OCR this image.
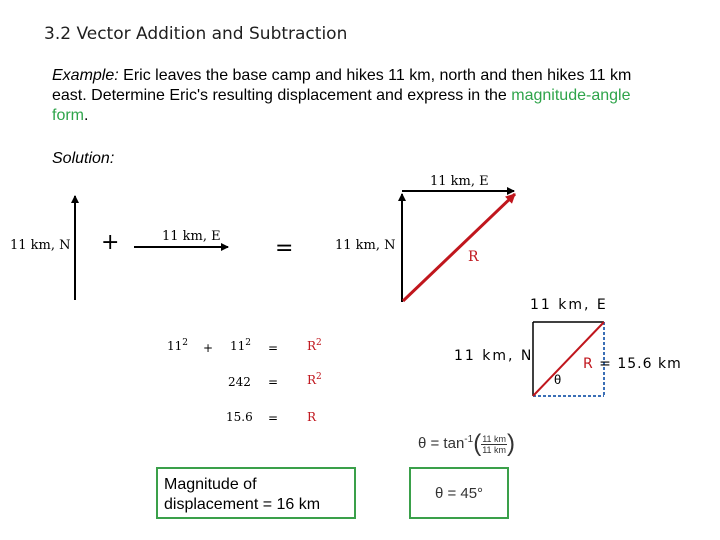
3.2 Vector Addition and Subtraction
Example: Eric leaves the base camp and hikes 11 km, north and then hikes 11 km east. Determine Eric's resulting displacement and express in the magnitude-angle form.
Solution:
11 km, N +	11 km, E =
11 km, E
11 km, N
R
$11^2 + 11^2 = R^2$
$242 = R^2$
15.6 = R
11 km, E
11 km, N	R = 15.6 km
θ
$\theta = \tan^{-1}( \frac{11 km}{11 km}$ )
Magnitude of displacement = 16 km
θ = 45°
